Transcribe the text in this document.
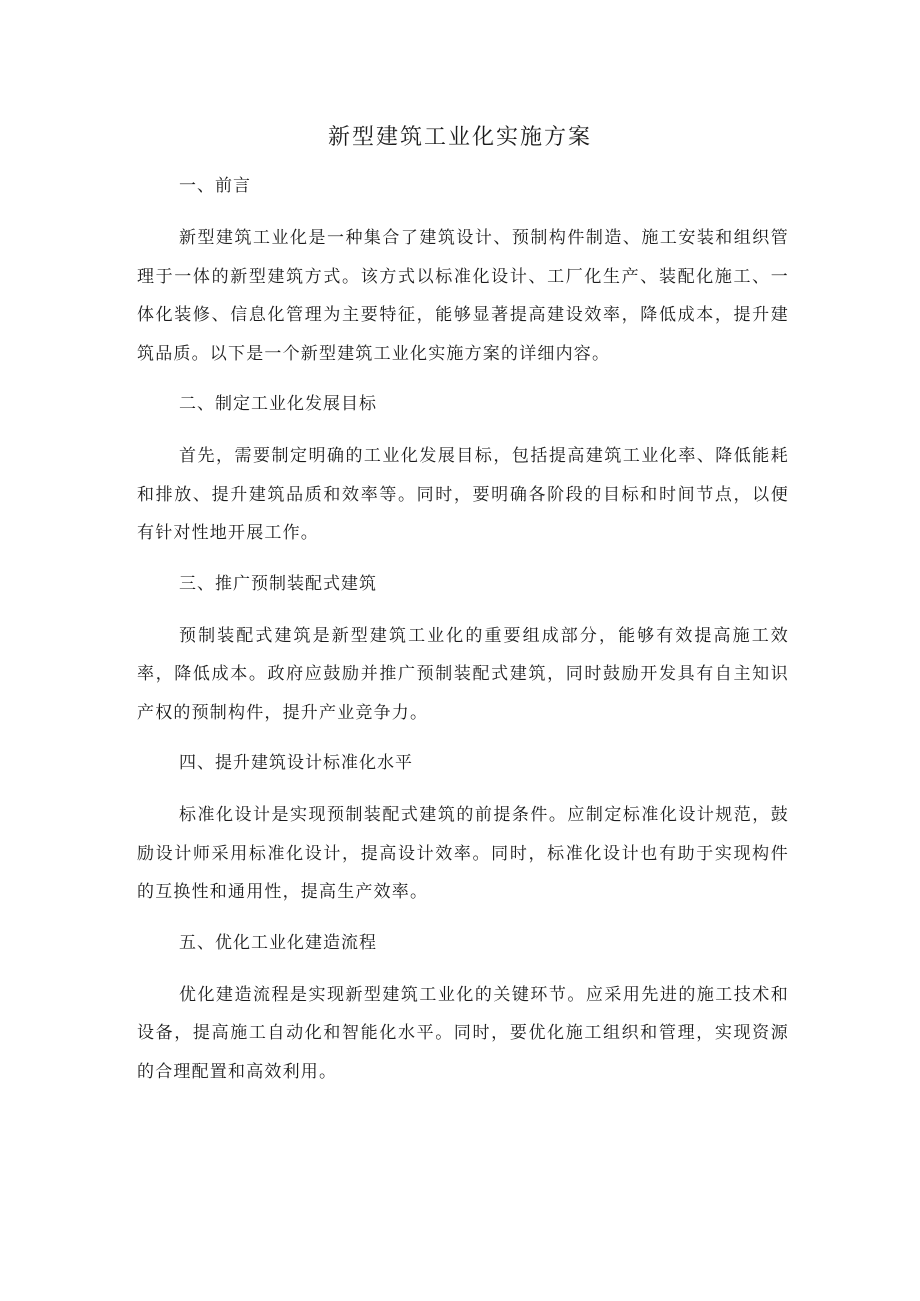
新型建筑工业化实施方案
一、前言

新型建筑工业化是一种集合了建筑设计、预制构件制造、施工安装和组织管理于一体的新型建筑方式。该方式以标准化设计、工厂化生产、装配化施工、一体化装修、信息化管理为主要特征，能够显著提高建设效率，降低成本，提升建筑品质。以下是一个新型建筑工业化实施方案的详细内容。

二、制定工业化发展目标

首先，需要制定明确的工业化发展目标，包括提高建筑工业化率、降低能耗和排放、提升建筑品质和效率等。同时，要明确各阶段的目标和时间节点，以便有针对性地开展工作。

三、推广预制装配式建筑

预制装配式建筑是新型建筑工业化的重要组成部分，能够有效提高施工效率，降低成本。政府应鼓励并推广预制装配式建筑，同时鼓励开发具有自主知识产权的预制构件，提升产业竞争力。

四、提升建筑设计标准化水平

标准化设计是实现预制装配式建筑的前提条件。应制定标准化设计规范，鼓励设计师采用标准化设计，提高设计效率。同时，标准化设计也有助于实现构件的互换性和通用性，提高生产效率。

五、优化工业化建造流程

优化建造流程是实现新型建筑工业化的关键环节。应采用先进的施工技术和设备，提高施工自动化和智能化水平。同时，要优化施工组织和管理，实现资源的合理配置和高效利用。
